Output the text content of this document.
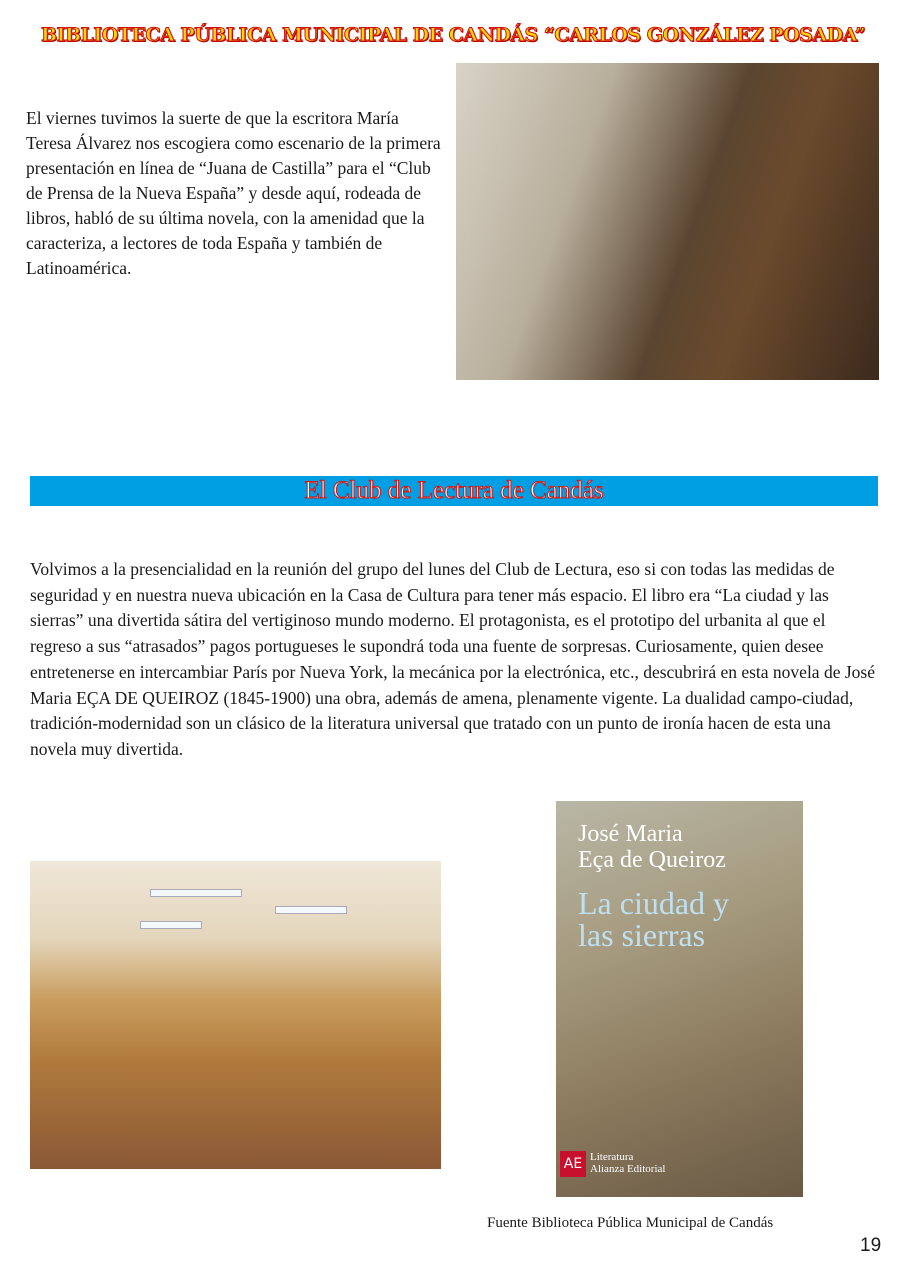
BIBLIOTECA PÚBLICA MUNICIPAL DE CANDÁS “CARLOS GONZÁLEZ POSADA”
El viernes tuvimos la suerte de que la escritora María Teresa Álvarez nos escogiera como escenario de la primera presentación en línea de “Juana de Castilla” para el “Club de Prensa de la Nueva España” y desde aquí, rodeada de libros, habló de su última novela, con la amenidad que la caracteriza, a lectores de toda España y también de Latinoamérica.
El Club de Lectura de Candás
Volvimos a la presencialidad en la reunión del grupo del lunes del Club de Lectura, eso si con todas las medidas de seguridad y en nuestra nueva ubicación en la Casa de Cultura para tener más espacio. El libro era “La ciudad y las sierras” una divertida sátira del vertiginoso mundo moderno. El protagonista, es el prototipo del urbanita al que el regreso a sus “atrasados” pagos portugueses le supondrá toda una fuente de sorpresas. Curiosamente, quien desee entretenerse en intercambiar París por Nueva York, la mecánica por la electrónica, etc., descubrirá en esta novela de José Maria EÇA DE QUEIROZ (1845-1900) una obra, además de amena, plenamente vigente. La dualidad campo-ciudad, tradición-modernidad son un clásico de la literatura universal que tratado con un punto de ironía hacen de esta una novela muy divertida.
José Maria
Eça de Queiroz
La ciudad y
las sierras
AE Literatura
Alianza Editorial
Fuente Biblioteca Pública Municipal de Candás
19
